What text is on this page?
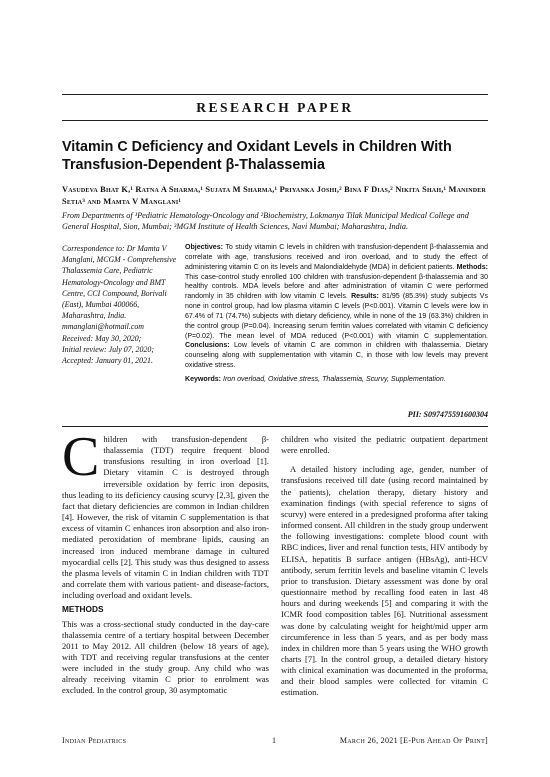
RESEARCH PAPER
Vitamin C Deficiency and Oxidant Levels in Children With Transfusion-Dependent β-Thalassemia
Vasudeva Bhat K,¹ Ratna A Sharma,¹ Sujata M Sharma,¹ Priyanka Joshi,² Bina F Dias,² Nikita Shah,¹ Maninder Setia³ and Mamta V Manglani¹
From Departments of ¹Pediatric Hematology-Oncology and ²Biochemistry, Lokmanya Tilak Municipal Medical College and General Hospital, Sion, Mumbai; ³MGM Institute of Health Sciences, Navi Mumbai; Maharashtra, India.
Correspondence to: Dr Mamta V
Manglani, MCGM - Comprehensive
Thalassemia Care, Pediatric
Hematology-Oncology and BMT
Centre, CCI Compound, Borivali
(East), Mumbai 400066,
Maharashtra, India.
mmanglani@hotmail.com
Received: May 30, 2020;
Initial review: July 07, 2020;
Accepted: January 01, 2021.
Objectives: To study vitamin C levels in children with transfusion-dependent β-thalassemia and correlate with age, transfusions received and iron overload, and to study the effect of administering vitamin C on its levels and Malondialdehyde (MDA) in deficient patients. Methods: This case-control study enrolled 100 children with transfusion-dependent β-thalassemia and 30 healthy controls. MDA levels before and after administration of vitamin C were performed randomly in 35 children with low vitamin C levels. Results: 81/95 (85.3%) study subjects Vs none in control group, had low plasma vitamin C levels (P<0.001). Vitamin C levels were low in 67.4% of 71 (74.7%) subjects with dietary deficiency, while in none of the 19 (63.3%) children in the control group (P=0.04). Increasing serum ferritin values correlated with vitamin C deficiency (P=0.02). The mean level of MDA reduced (P<0.001) with vitamin C supplementation. Conclusions: Low levels of vitamin C are common in children with thalassemia. Dietary counseling along with supplementation with vitamin C, in those with low levels may prevent oxidative stress.
Keywords: Iron overload, Oxidative stress, Thalassemia, Scurvy, Supplementation.
PII: S097475591600304

C hildren with transfusion-dependent β-thalassemia (TDT) require frequent blood transfusions resulting in iron overload [1]. Dietary vitamin C is destroyed through irreversible oxidation by ferric iron deposits, thus leading to its deficiency causing scurvy [2,3], given the fact that dietary deficiencies are common in Indian children [4]. However, the risk of vitamin C supplementation is that excess of vitamin C enhances iron absorption and also iron-mediated peroxidation of membrane lipids, causing an increased iron induced membrane damage in cultured myocardial cells [2]. This study was thus designed to assess the plasma levels of vitamin C in Indian children with TDT and correlate them with various patient- and disease-factors, including overload and oxidant levels.

METHODS

This was a cross-sectional study conducted in the day-care thalassemia centre of a tertiary hospital between December 2011 to May 2012. All children (below 18 years of age), with TDT and receiving regular transfusions at the center were included in the study group. Any child who was already receiving vitamin C prior to enrolment was excluded. In the control group, 30 asymptomatic

children who visited the pediatric outpatient department were enrolled.

A detailed history including age, gender, number of transfusions received till date (using record maintained by the patients), chelation therapy, dietary history and examination findings (with special reference to signs of scurvy) were entered in a predesigned proforma after taking informed consent. All children in the study group underwent the following investigations: complete blood count with RBC indices, liver and renal function tests, HIV antibody by ELISA, hepatitis B surface antigen (HBsAg), anti-HCV antibody, serum ferritin levels and baseline vitamin C levels prior to transfusion. Dietary assessment was done by oral questionnaire method by recalling food eaten in last 48 hours and during weekends [5] and comparing it with the ICMR food composition tables [6]. Nutritional assessment was done by calculating weight for height/mid upper arm circumference in less than 5 years, and as per body mass index in children more than 5 years using the WHO growth charts [7]. In the control group, a detailed dietary history with clinical examination was documented in the proforma, and their blood samples were collected for vitamin C estimation.

Indian Pediatrics	1	March 26, 2021 [E-Pub Ahead Of Print]
